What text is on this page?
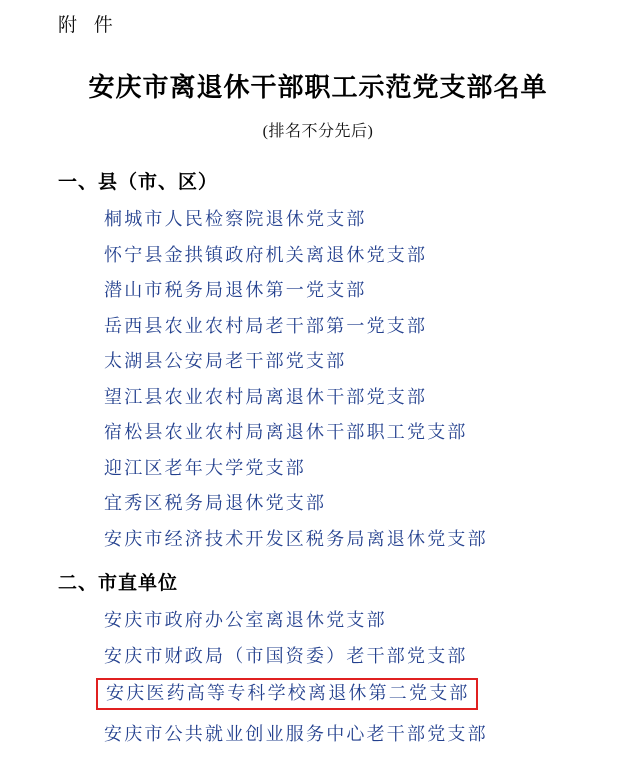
附 件
安庆市离退休干部职工示范党支部名单
(排名不分先后)
一、县（市、区）
桐城市人民检察院退休党支部
怀宁县金拱镇政府机关离退休党支部
潜山市税务局退休第一党支部
岳西县农业农村局老干部第一党支部
太湖县公安局老干部党支部
望江县农业农村局离退休干部党支部
宿松县农业农村局离退休干部职工党支部
迎江区老年大学党支部
宜秀区税务局退休党支部
安庆市经济技术开发区税务局离退休党支部
二、市直单位
安庆市政府办公室离退休党支部
安庆市财政局（市国资委）老干部党支部
安庆医药高等专科学校离退休第二党支部
安庆市公共就业创业服务中心老干部党支部
